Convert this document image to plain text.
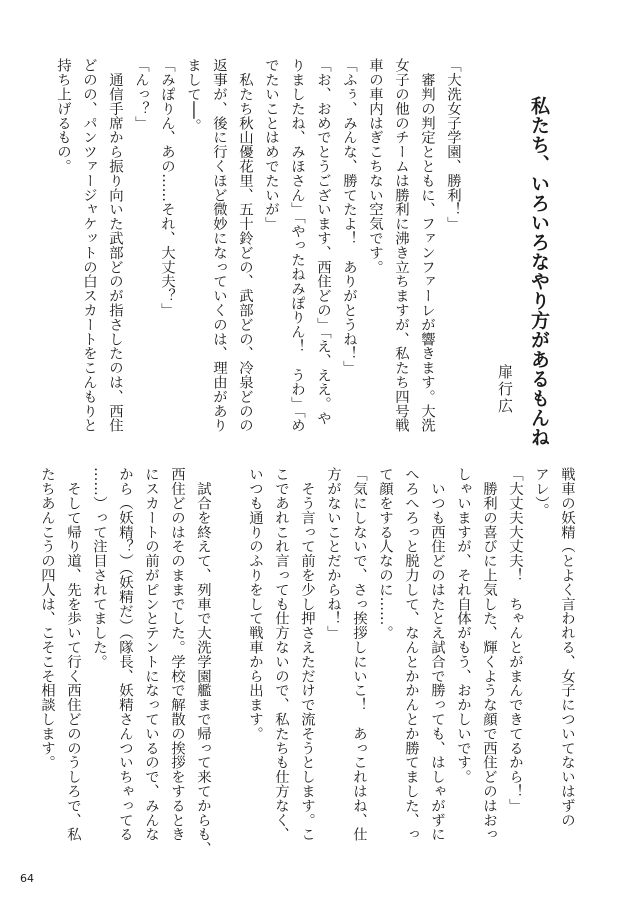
私たち、いろいろなやり方があるもんね
扉行広

「大洗女子学園、勝利！」

　審判の判定とともに、ファンファーレが響きます。大洗

女子の他のチームは勝利に沸き立ちますが、私たち四号戦

車の車内はぎこちない空気です。

「ふぅ、みんな、勝てたよ！　ありがとうね！」

「お、おめでとうございます、西住どの」「え、ええ。や

りましたね、みほさん」「やったねみぽりん！　うわ」「め

でたいことはめでたいが」

　私たち秋山優花里、五十鈴どの、武部どの、冷泉どのの

返事が、後に行くほど微妙になっていくのは、理由があり

まして──。

「みぽりん、あの……それ、大丈夫？」

「んっ？」

　通信手席から振り向いた武部どのが指さしたのは、西住

どのの、パンツァージャケットの白スカートをこんもりと

持ち上げるもの。

戦車の妖精（とよく言われる、女子についてないはずの

アレ）。

「大丈夫大丈夫！　ちゃんとがまんできてるから！」

　勝利の喜びに上気した、輝くような顔で西住どのはおっ

しゃいますが、それ自体がもう、おかしいです。

　いつも西住どのはたとえ試合で勝っても、はしゃがずに

へろへろっと脱力して、なんとかかんとか勝てました、っ

て顔をする人なのに……。

「気にしないで、さっ挨拶しにいこ！　あっこれはね、仕

方がないことだからね！」

　そう言って前を少し押さえただけで流そうとします。こ

こであれこれ言っても仕方ないので、私たちも仕方なく、

いつも通りのふりをして戦車から出ます。

　試合を終えて、列車で大洗学園艦まで帰って来てからも、

西住どのはそのままでした。学校で解散の挨拶をするとき

にスカートの前がピンとテントになっているので、みんな

から（妖精？）（妖精だ）（隊長、妖精さんついちゃってる

……）って注目されてました。

　そして帰り道、先を歩いて行く西住どののうしろで、私

たちあんこうの四人は、こそこそ相談します。

64
